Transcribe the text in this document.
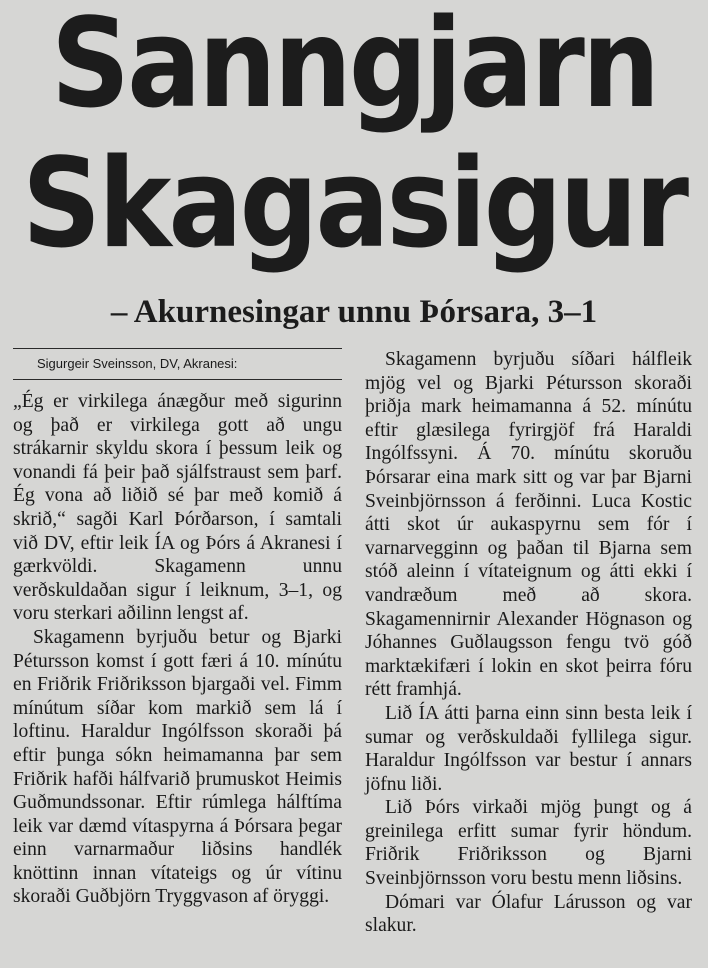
Sanngjarn
Skagasigur
– Akurnesingar unnu Þórsara, 3–1

Sigurgeir Sveinsson, DV, Akranesi:

„Ég er virkilega ánægður með sigurinn og það er virkilega gott að ungu strákarnir skyldu skora í þessum leik og vonandi fá þeir það sjálfstraust sem þarf. Ég vona að liðið sé þar með komið á skrið,“ sagði Karl Þórðarson, í samtali við DV, eftir leik ÍA og Þórs á Akranesi í gærkvöldi. Skagamenn unnu verðskuldaðan sigur í leiknum, 3–1, og voru sterkari aðilinn lengst af.

Skagamenn byrjuðu betur og Bjarki Pétursson komst í gott færi á 10. mínútu en Friðrik Friðriksson bjargaði vel. Fimm mínútum síðar kom markið sem lá í loftinu. Haraldur Ingólfsson skoraði þá eftir þunga sókn heimamanna þar sem Friðrik hafði hálfvarið þrumuskot Heimis Guðmundssonar. Eftir rúmlega hálftíma leik var dæmd vítaspyrna á Þórsara þegar einn varnarmaður liðsins handlék knöttinn innan vítateigs og úr vítinu skoraði Guðbjörn Tryggvason af öryggi.

Skagamenn byrjuðu síðari hálfleik mjög vel og Bjarki Pétursson skoraði þriðja mark heimamanna á 52. mínútu eftir glæsilega fyrirgjöf frá Haraldi Ingólfssyni. Á 70. mínútu skoruðu Þórsarar eina mark sitt og var þar Bjarni Sveinbjörnsson á ferðinni. Luca Kostic átti skot úr aukaspyrnu sem fór í varnarvegginn og þaðan til Bjarna sem stóð aleinn í vítateignum og átti ekki í vandræðum með að skora. Skagamennirnir Alexander Högnason og Jóhannes Guðlaugsson fengu tvö góð marktækifæri í lokin en skot þeirra fóru rétt framhjá.

Lið ÍA átti þarna einn sinn besta leik í sumar og verðskuldaði fyllilega sigur. Haraldur Ingólfsson var bestur í annars jöfnu liði.

Lið Þórs virkaði mjög þungt og á greinilega erfitt sumar fyrir höndum. Friðrik Friðriksson og Bjarni Sveinbjörnsson voru bestu menn liðsins.

Dómari var Ólafur Lárusson og var slakur.
